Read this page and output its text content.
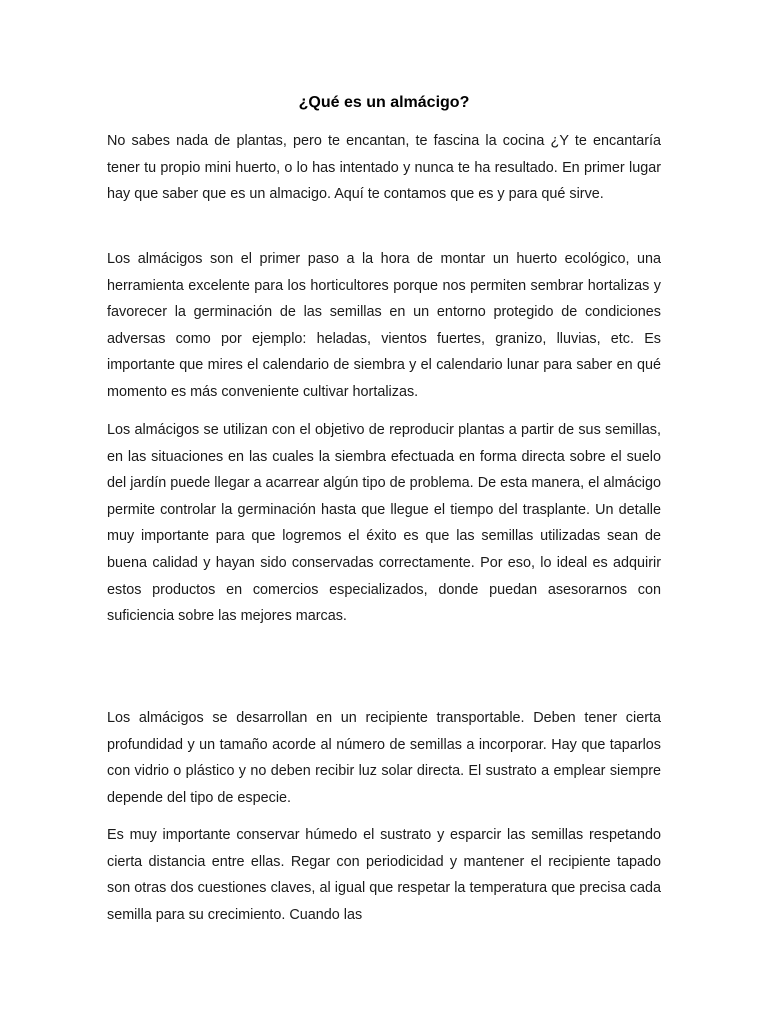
¿Qué es un almácigo?

No sabes nada de plantas, pero te encantan, te fascina la cocina ¿Y te encantaría tener tu propio mini huerto, o lo has intentado y nunca te ha resultado. En primer lugar hay que saber que es un almacigo. Aquí te contamos que es y para qué sirve.

Los almácigos son el primer paso a la hora de montar un huerto ecológico, una herramienta excelente para los horticultores porque nos permiten sembrar hortalizas y favorecer la germinación de las semillas en un entorno protegido de condiciones adversas como por ejemplo: heladas, vientos fuertes, granizo, lluvias, etc. Es importante que mires el calendario de siembra y el calendario lunar para saber en qué momento es más conveniente cultivar hortalizas.

Los almácigos se utilizan con el objetivo de reproducir plantas a partir de sus semillas, en las situaciones en las cuales la siembra efectuada en forma directa sobre el suelo del jardín puede llegar a acarrear algún tipo de problema. De esta manera, el almácigo permite controlar la germinación hasta que llegue el tiempo del trasplante. Un detalle muy importante para que logremos el éxito es que las semillas utilizadas sean de buena calidad y hayan sido conservadas correctamente. Por eso, lo ideal es adquirir estos productos en comercios especializados, donde puedan asesorarnos con suficiencia sobre las mejores marcas.

Los almácigos se desarrollan en un recipiente transportable. Deben tener cierta profundidad y un tamaño acorde al número de semillas a incorporar. Hay que taparlos con vidrio o plástico y no deben recibir luz solar directa. El sustrato a emplear siempre depende del tipo de especie.

Es muy importante conservar húmedo el sustrato y esparcir las semillas respetando cierta distancia entre ellas. Regar con periodicidad y mantener el recipiente tapado son otras dos cuestiones claves, al igual que respetar la temperatura que precisa cada semilla para su crecimiento. Cuando las
